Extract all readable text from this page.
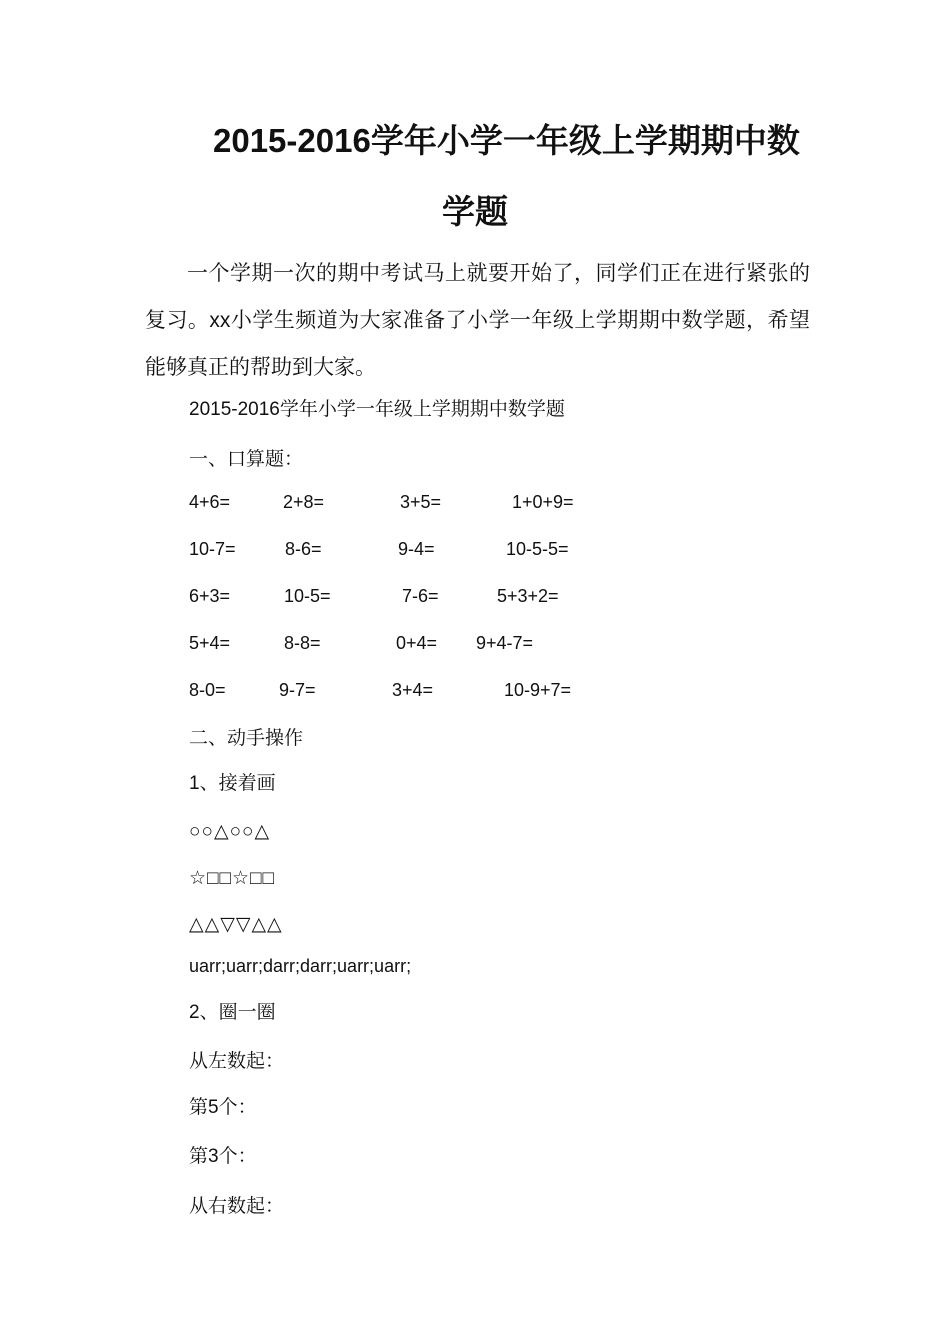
2015-2016学年小学一年级上学期期中数
学题
一个学期一次的期中考试马上就要开始了，同学们正在进行紧张的复习。xx小学生频道为大家准备了小学一年级上学期期中数学题，希望能够真正的帮助到大家。
2015-2016学年小学一年级上学期期中数学题
一、口算题：
4+6=	2+8=	3+5=	1+0+9=
10-7=	8-6=	9-4=	10-5-5=
6+3=	10-5=	7-6=	5+3+2=
5+4=	8-8=	0+4= 9+4-7=
8-0=	9-7=	3+4=	10-9+7=
二、动手操作
1、接着画
○○△○○△
☆□□☆□□
△△▽▽△△
uarr;uarr;darr;darr;uarr;uarr;
2、圈一圈
从左数起：
第5个：
第3个：
从右数起：
